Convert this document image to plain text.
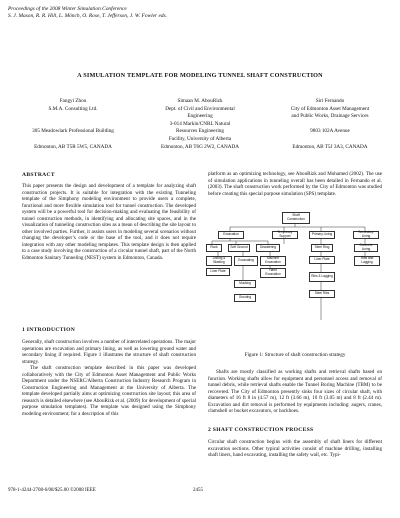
Proceedings of the 2008 Winter Simulation Conference
S. J. Mason, R. R. Hill, L. Mönch, O. Rose, T. Jefferson, J. W. Fowler eds.
A SIMULATION TEMPLATE FOR MODELING TUNNEL SHAFT CONSTRUCTION
Fangyi Zhou
S.M.A. Consulting Ltd.

305 Meadowlark Professional Building

Edmonton, AB T5R 5W5, CANADA
Simaan M. AbouRizk
Dept. of Civil and Environmental
Engineering
3-014 Markin/CNRL Natural
Resources Engineering
Facility, University of Alberta
Edmonton, AB T6G 2W2, CANADA
Siri Fernando
City of Edmonton Asset Management
and Public Works, Drainage Services

9803 102A Avenue

Edmonton, AB T5J 3A3, CANADA
ABSTRACT

This paper presents the design and development of a template for analyzing shaft construction projects. It is suitable for integration with the existing Tunneling template of the Simphony modeling environment to provide users a complete, functional and more flexible simulation tool for tunnel construction. The developed system will be a powerful tool for decision-making and evaluating the feasibility of tunnel construction methods, in identifying and allocating site spaces, and in the visualization of tunneling construction sites as a mean of describing the site layout to other involved parties. Further, it assists users in modeling several scenarios without changing the developer’s code or the base of the tool, and it does not require integration with any other modeling templates. This template design is then applied to a case study involving the construction of a circular tunnel shaft, part of the North Edmonton Sanitary Tunneling (NEST) system in Edmonton, Canada.

1 INTRODUCTION

Generally, shaft construction involves a number of interrelated operations. The major operations are excavation and primary lining, as well as lowering ground water and secondary lining if required. Figure 1 illustrates the structure of shaft construction strategy.

The shaft construction template described in this paper was developed collaboratively with the City of Edmonton Asset Management and Public Works Department under the NSERC/Alberta Construction Industry Research Program in Construction Engineering and Management at the University of Alberta. The template developed partially aims at optimizing construction site layout; this area of research is detailed elsewhere (see AbouRizk et al. (2009) for development of special purpose simulation templates). The template was designed using the Simphony modeling environment; for a description of this

platform as an optimizing technology, see AbouRizk and Mohamed (2002). The use of simulation applications in tunneling overall has been detailed in Fernando et al. (2003). The shaft construction work performed by the City of Edmonton was studied before creating this special purpose simulation (SPS) template.

Shaft Construction
Excavation	Temporary Support	Primary Lining	Secondary Lining
Rock	Soft Ground	Dewatering	Steel Ring	Concrete Lining
Drilling & Blasting	Excavating	Machine Excavation
Liner Plate	Ribs and Lagging
Hand Excavation
Mucking
Liner Plate
Ribs & Lagging
Steel Ribs
Grouting
Figure 1: Structure of shaft construction strategy

Shafts are mostly classified as working shafts and retrieval shafts based on function. Working shafts allow for equipment and personnel access and removal of tunnel debris, while retrieval shafts enable the Tunnel Boring Machine (TBM) to be recovered. The City of Edmonton presently sinks four sizes of circular shaft, with diameters of 16 ft 8 in (4.57 m), 12 ft (3.66 m), 10 ft (3.05 m) and 8 ft (2.44 m). Excavation and dirt removal is performed by equipments including: augers, cranes, clamshell or bucket excavators, or backhoes.

2 SHAFT CONSTRUCTION PROCESS

Circular shaft construction begins with the assembly of shaft liners for different excavation sections. Other typical activities consist of machine drilling, installing shaft liners, hand excavating, installing the safety wall, etc. Typi-

978-1-4244-2708-6/08/$25.00 ©2008 IEEE	2455
